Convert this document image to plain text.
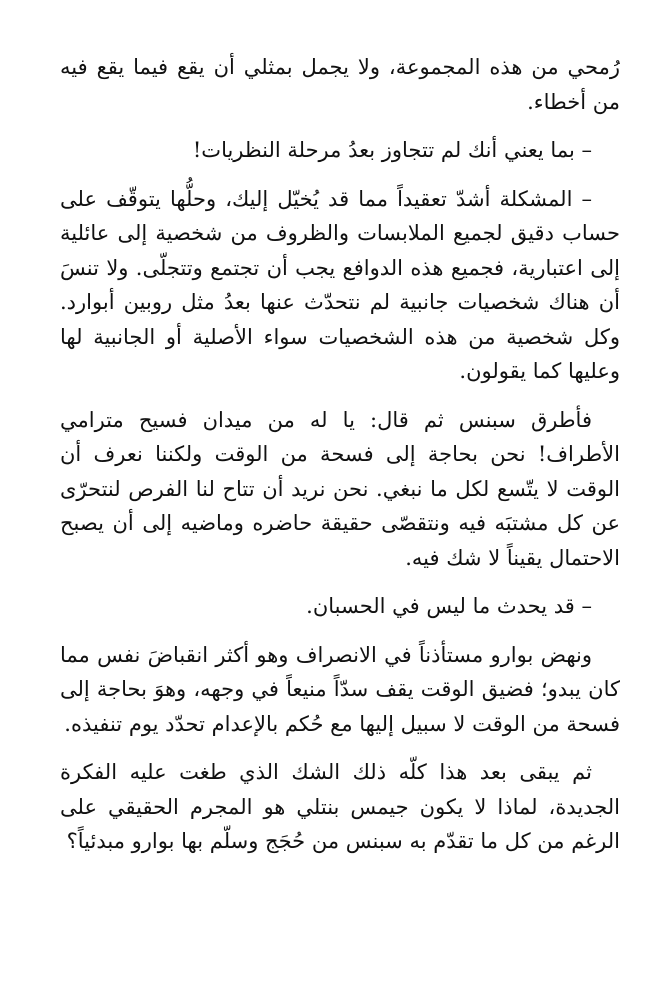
رُمحي من هذه المجموعة، ولا يجمل بمثلي أن يقع فيما يقع فيه من أخطاء.

– بما يعني أنك لم تتجاوز بعدُ مرحلة النظريات!

– المشكلة أشدّ تعقيداً مما قد يُخيّل إليك، وحلُّها يتوقّف على حساب دقيق لجميع الملابسات والظروف من شخصية إلى عائلية إلى اعتبارية، فجميع هذه الدوافع يجب أن تجتمع وتتجلّى. ولا تنسَ أن هناك شخصيات جانبية لم نتحدّث عنها بعدُ مثل روبين أبوارد. وكل شخصية من هذه الشخصيات سواء الأصلية أو الجانبية لها وعليها كما يقولون.

فأطرق سبنس ثم قال: يا له من ميدان فسيح مترامي الأطراف! نحن بحاجة إلى فسحة من الوقت ولكننا نعرف أن الوقت لا يتّسع لكل ما نبغي. نحن نريد أن تتاح لنا الفرص لنتحرّى عن كل مشتبَه فيه ونتقصّى حقيقة حاضره وماضيه إلى أن يصبح الاحتمال يقيناً لا شك فيه.

– قد يحدث ما ليس في الحسبان.

ونهض بوارو مستأذناً في الانصراف وهو أكثر انقباضَ نفس مما كان يبدو؛ فضيق الوقت يقف سدّاً منيعاً في وجهه، وهوَ بحاجة إلى فسحة من الوقت لا سبيل إليها مع حُكم بالإعدام تحدّد يوم تنفيذه.

ثم يبقى بعد هذا كلّه ذلك الشك الذي طغت عليه الفكرة الجديدة، لماذا لا يكون جيمس بنتلي هو المجرم الحقيقي على الرغم من كل ما تقدّم به سبنس من حُجَج وسلّم بها بوارو مبدئياً؟
